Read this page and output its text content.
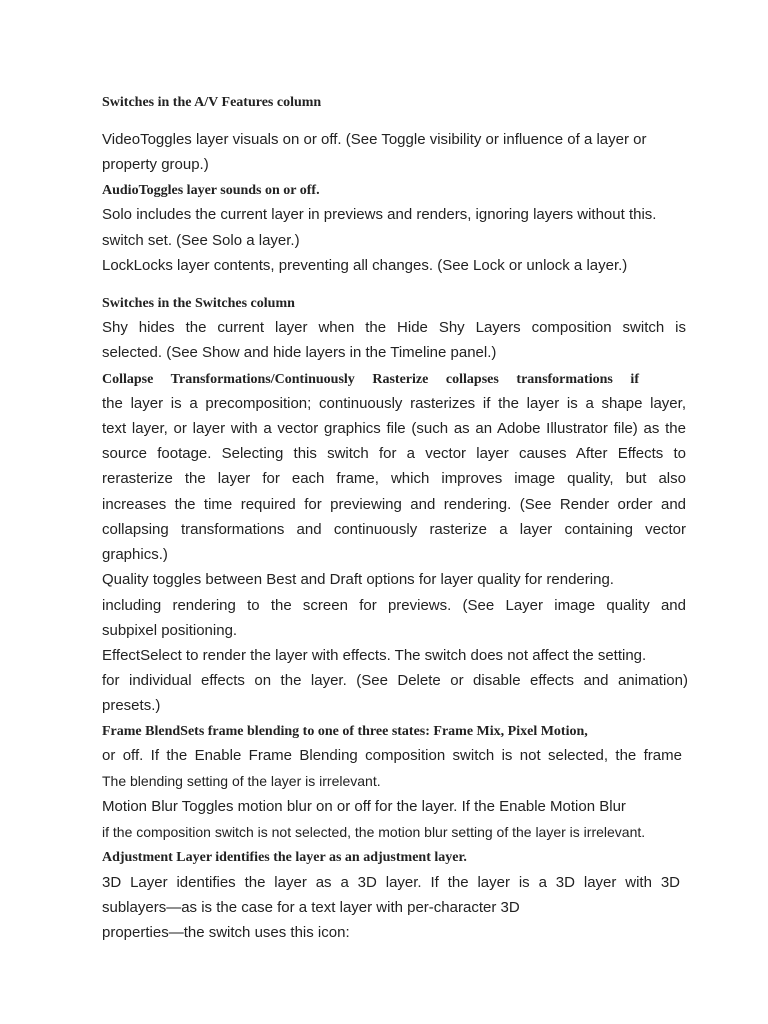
Switches in the A/V Features column

VideoToggles layer visuals on or off. (See Toggle visibility or influence of a layer or

property group.)

AudioToggles layer sounds on or off.

Solo includes the current layer in previews and renders, ignoring layers without this.

switch set. (See Solo a layer.)

LockLocks layer contents, preventing all changes. (See Lock or unlock a layer.)

Switches in the Switches column

Shy hides the current layer when the Hide Shy Layers composition switch is

selected. (See Show and hide layers in the Timeline panel.)

Collapse Transformations/Continuously Rasterize collapses transformations if

the layer is a precomposition; continuously rasterizes if the layer is a shape layer,

text layer, or layer with a vector graphics file (such as an Adobe Illustrator file) as the

source footage. Selecting this switch for a vector layer causes After Effects to

rerasterize the layer for each frame, which improves image quality, but also

increases the time required for previewing and rendering. (See Render order and

collapsing transformations and continuously rasterize a layer containing vector

graphics.)

Quality toggles between Best and Draft options for layer quality for rendering.

including rendering to the screen for previews. (See Layer image quality and

subpixel positioning.

EffectSelect to render the layer with effects. The switch does not affect the setting.

for individual effects on the layer. (See Delete or disable effects and animation)

presets.)

Frame BlendSets frame blending to one of three states: Frame Mix, Pixel Motion,

or off. If the Enable Frame Blending composition switch is not selected, the frame

The blending setting of the layer is irrelevant.

Motion Blur Toggles motion blur on or off for the layer. If the Enable Motion Blur

if the composition switch is not selected, the motion blur setting of the layer is irrelevant.

Adjustment Layer identifies the layer as an adjustment layer.

3D Layer identifies the layer as a 3D layer. If the layer is a 3D layer with 3D

sublayers—as is the case for a text layer with per-character 3D

properties—the switch uses this icon:
